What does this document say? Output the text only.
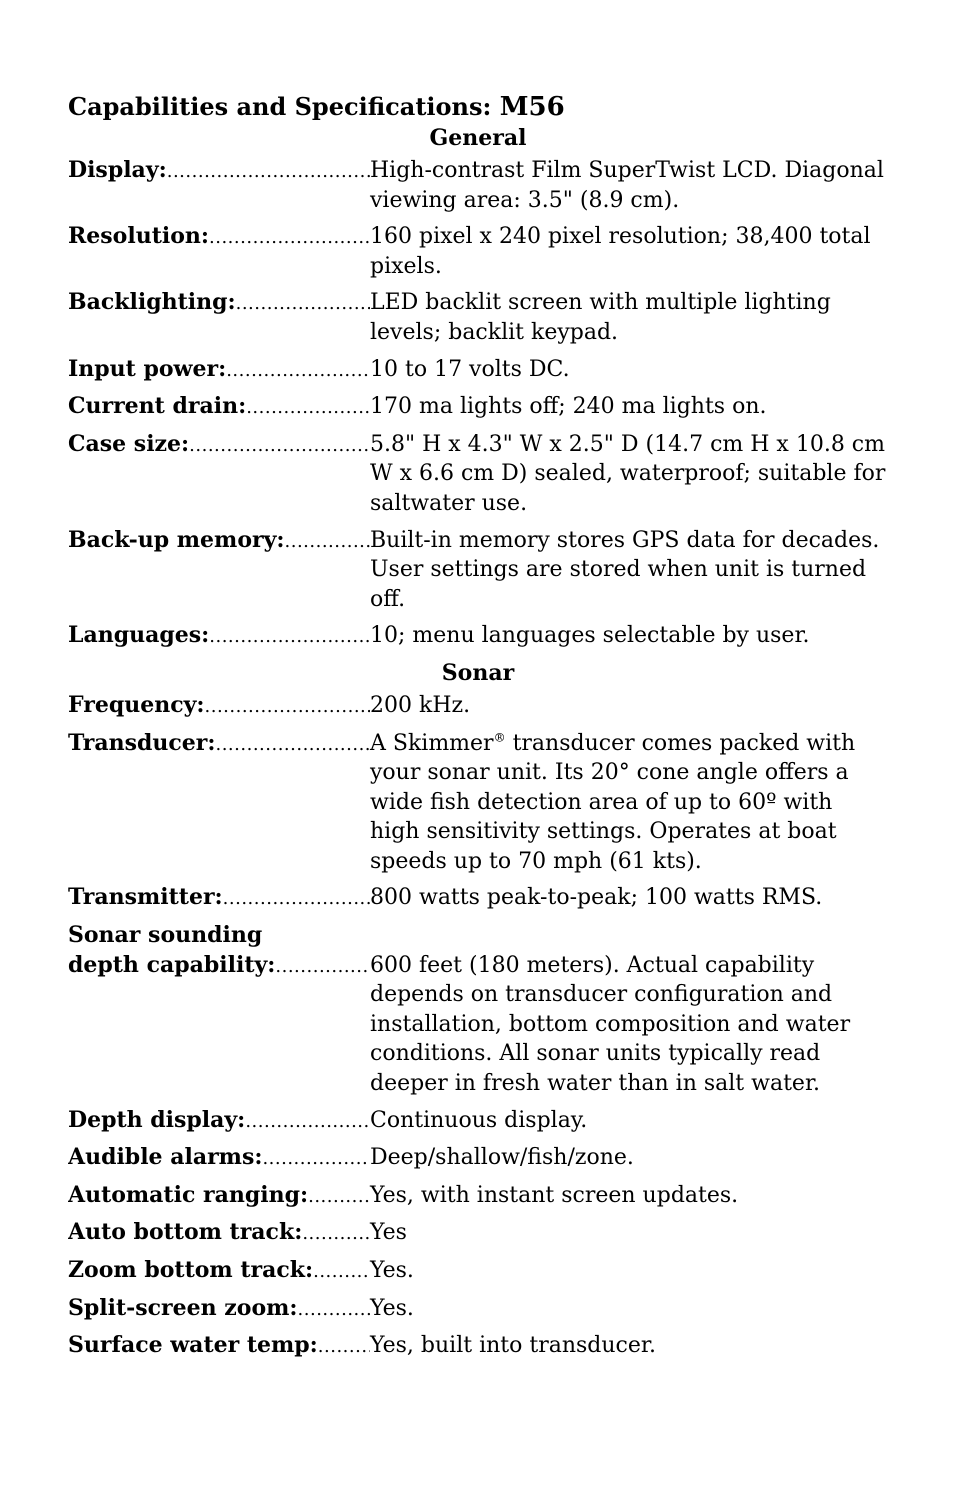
Capabilities and Specifications: M56
General
Display: .....	High-contrast Film SuperTwist LCD. Diagonal viewing area: 3.5" (8.9 cm).
Resolution: .....	160 pixel x 240 pixel resolution; 38,400 total pixels.
Backlighting: .....	LED backlit screen with multiple lighting levels; backlit keypad.
Input power: .....	10 to 17 volts DC.
Current drain: .....	170 ma lights off; 240 ma lights on.
Case size: .....	5.8" H x 4.3" W x 2.5" D (14.7 cm H x 10.8 cm W x 6.6 cm D) sealed, waterproof; suitable for saltwater use.
Back-up memory: .....	Built-in memory stores GPS data for decades. User settings are stored when unit is turned off.
Languages: .....	10; menu languages selectable by user.
Sonar
Frequency: .....	200 kHz.
Transducer: .....	A Skimmer® transducer comes packed with your sonar unit. Its 20° cone angle offers a wide fish detection area of up to 60º with high sensitivity settings. Operates at boat speeds up to 70 mph (61 kts).
Transmitter: .....	800 watts peak-to-peak; 100 watts RMS.
Sonar sounding
depth capability: .....	600 feet (180 meters). Actual capability depends on transducer configuration and installation, bottom composition and water conditions. All sonar units typically read deeper in fresh water than in salt water.
Depth display: .....	Continuous display.
Audible alarms: .....	Deep/shallow/fish/zone.
Automatic ranging: .....	Yes, with instant screen updates.
Auto bottom track: .....	Yes
Zoom bottom track: .....	Yes.
Split-screen zoom: .....	Yes.
Surface water temp: ..... Yes, built into transducer.
